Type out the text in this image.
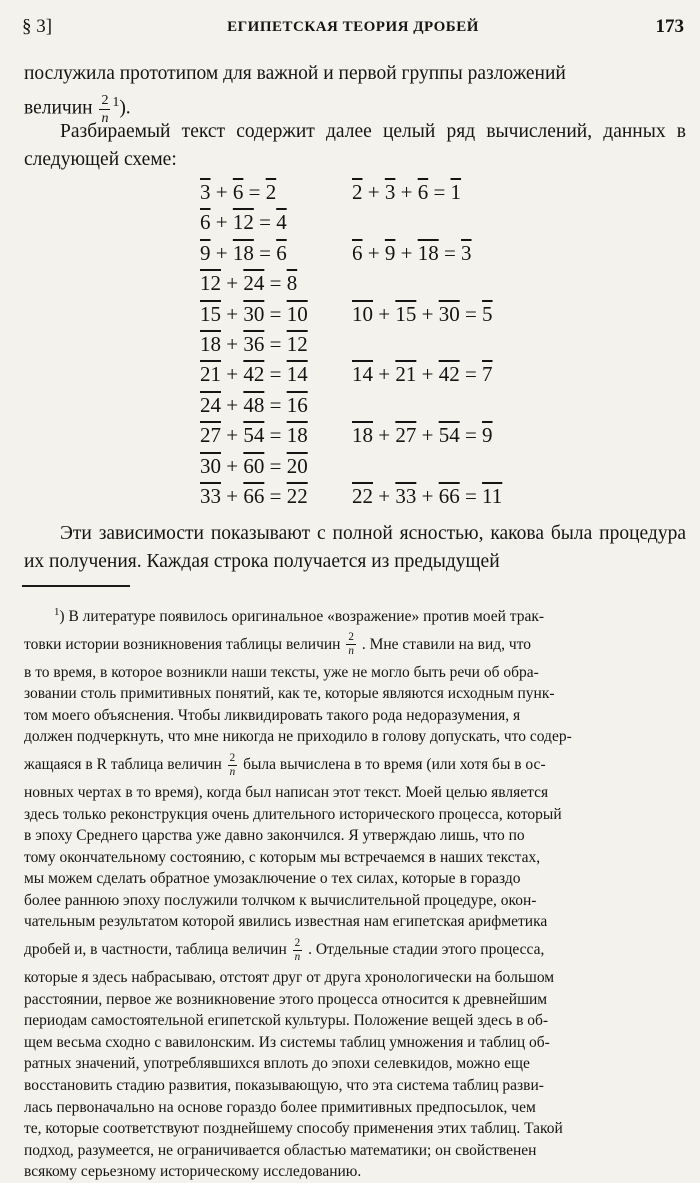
§ 3]	ЕГИПЕТСКАЯ ТЕОРИЯ ДРОБЕЙ	173
послужила прототипом для важной и первой группы разложений
величин $\frac{2}{n} ^1$).
Разбираемый текст содержит далее целый ряд вычислений, данных в следующей схеме:
3 + 6 = 2
6 + 12 = 4
9 + 18 = 6
12 + 24 = 8
15 + 30 = 10
18 + 36 = 12
21 + 42 = 14
24 + 48 = 16
27 + 54 = 18
30 + 60 = 20
33 + 66 = 22
2 + 3 + 6 = 1
6 + 9 + 18 = 3
10 + 15 + 30 = 5
14 + 21 + 42 = 7
18 + 27 + 54 = 9
22 + 33 + 66 = 11
Эти зависимости показывают с полной ясностью, какова была процедура их получения. Каждая строка получается из предыдущей
$^1$) В литературе появилось оригинальное «возражение» против моей трак-
товки истории возникновения таблицы величин $\frac{2}{n}$ . Мне ставили на вид, что
в то время, в которое возникли наши тексты, уже не могло быть речи об обра-
зовании столь примитивных понятий, как те, которые являются исходным пунк-
том моего объяснения. Чтобы ликвидировать такого рода недоразумения, я
должен подчеркнуть, что мне никогда не приходило в голову допускать, что содер-
жащаяся в R таблица величин $\frac{2}{n}$ была вычислена в то время (или хотя бы в ос-
новных чертах в то время), когда был написан этот текст. Моей целью является
здесь только реконструкция очень длительного исторического процесса, который
в эпоху Среднего царства уже давно закончился. Я утверждаю лишь, что по
тому окончательному состоянию, с которым мы встречаемся в наших текстах,
мы можем сделать обратное умозаключение о тех силах, которые в гораздо
более раннюю эпоху послужили толчком к вычислительной процедуре, окон-
чательным результатом которой явились известная нам египетская арифметика
дробей и, в частности, таблица величин $\frac{2}{n}$ . Отдельные стадии этого процесса,
которые я здесь набрасываю, отстоят друг от друга хронологически на большом
расстоянии, первое же возникновение этого процесса относится к древнейшим
периодам самостоятельной египетской культуры. Положение вещей здесь в об-
щем весьма сходно с вавилонским. Из системы таблиц умножения и таблиц об-
ратных значений, употреблявшихся вплоть до эпохи селевкидов, можно еще
восстановить стадию развития, показывающую, что эта система таблиц разви-
лась первоначально на основе гораздо более примитивных предпосылок, чем
те, которые соответствуют позднейшему способу применения этих таблиц. Такой
подход, разумеется, не ограничивается областью математики; он свойственен
всякому серьезному историческому исследованию.
